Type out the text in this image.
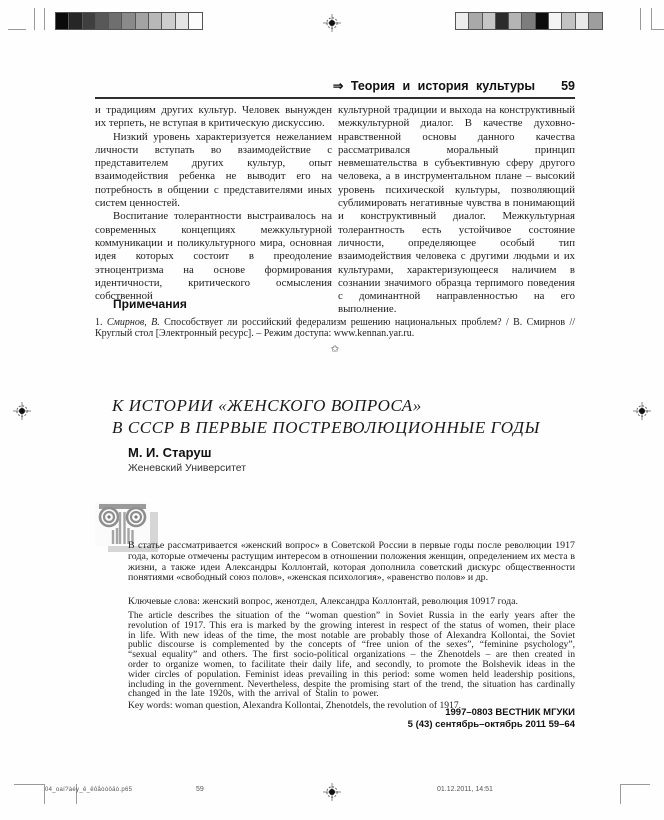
⇒ Теория и история культуры 59

и традициям других культур. Человек вынужден их терпеть, не вступая в критическую дискуссию.

Низкий уровень характеризуется нежеланием личности вступать во взаимодействие с представителем других культур, опыт взаимодействия ребенка не выводит его на потребность в общении с представителями иных систем ценностей.

Воспитание толерантности выстраивалось на современных концепциях межкультурной коммуникации и поликультурного мира, основная идея которых состоит в преодоление этноцентризма на основе формирования идентичности, критического осмысления собственной

культурной традиции и выхода на конструктивный межкультурной диалог. В качестве духовно-нравственной основы данного качества рассматривался моральный принцип невмешательства в субъективную сферу другого человека, а в инструментальном плане – высокий уровень психической культуры, позволяющий сублимировать негативные чувства в понимающий и конструктивный диалог. Межкультурная толерантность есть устойчивое состояние личности, определяющее особый тип взаимодействия человека с другими людьми и их культурами, характеризующееся наличием в сознании значимого образца терпимого поведения с доминантной направленностью на его выполнение.

Примечания
1. Смирнов, В. Способствует ли российский федерализм решению национальных проблем? / В. Смирнов // Круглый стол [Электронный ресурс]. – Режим доступа: www.kennan.yar.ru.
✩
К ИСТОРИИ «ЖЕНСКОГО ВОПРОСА»
В СССР В ПЕРВЫЕ ПОСТРЕВОЛЮЦИОННЫЕ ГОДЫ
М. И. Старуш
Женевский Университет
В статье рассматривается «женский вопрос» в Советской России в первые годы после революции 1917 года, которые отмечены растущим интересом в отношении положения женщин, определением их места в жизни, а также идеи Александры Коллонтай, которая дополнила советский дискурс общественности понятиями «свободный союз полов», «женская психология», «равенство полов» и др.
Ключевые слова: женский вопрос, женотдел, Александра Коллонтай, революция 10917 года.
The article describes the situation of the “woman question” in Soviet Russia in the early years after the revolution of 1917. This era is marked by the growing interest in respect of the status of women, their place in life. With new ideas of the time, the most notable are probably those of Alexandra Kollontai, the Soviet public discourse is complemented by the concepts of “free union of the sexes”, “feminine psychology”, “sexual equality” and others. The first socio-political organizations – the Zhenotdels – are then created in order to organize women, to facilitate their daily life, and secondly, to promote the Bolshevik ideas in the wider circles of population. Feminist ideas prevailing in this period: some women held leadership positions, including in the government. Nevertheless, despite the promising start of the trend, the situation has cardinally changed in the late 1920s, with the arrival of Stalin to power.
Key words: woman question, Alexandra Kollontai, Zhenotdels, the revolution of 1917.
1997–0803 ВЕСТНИК МГУКИ
5 (43) сентябрь–октябрь 2011 59–64
04_oaí?àéy_ê_êôåòòôäò.p65	59	01.12.2011, 14:51
